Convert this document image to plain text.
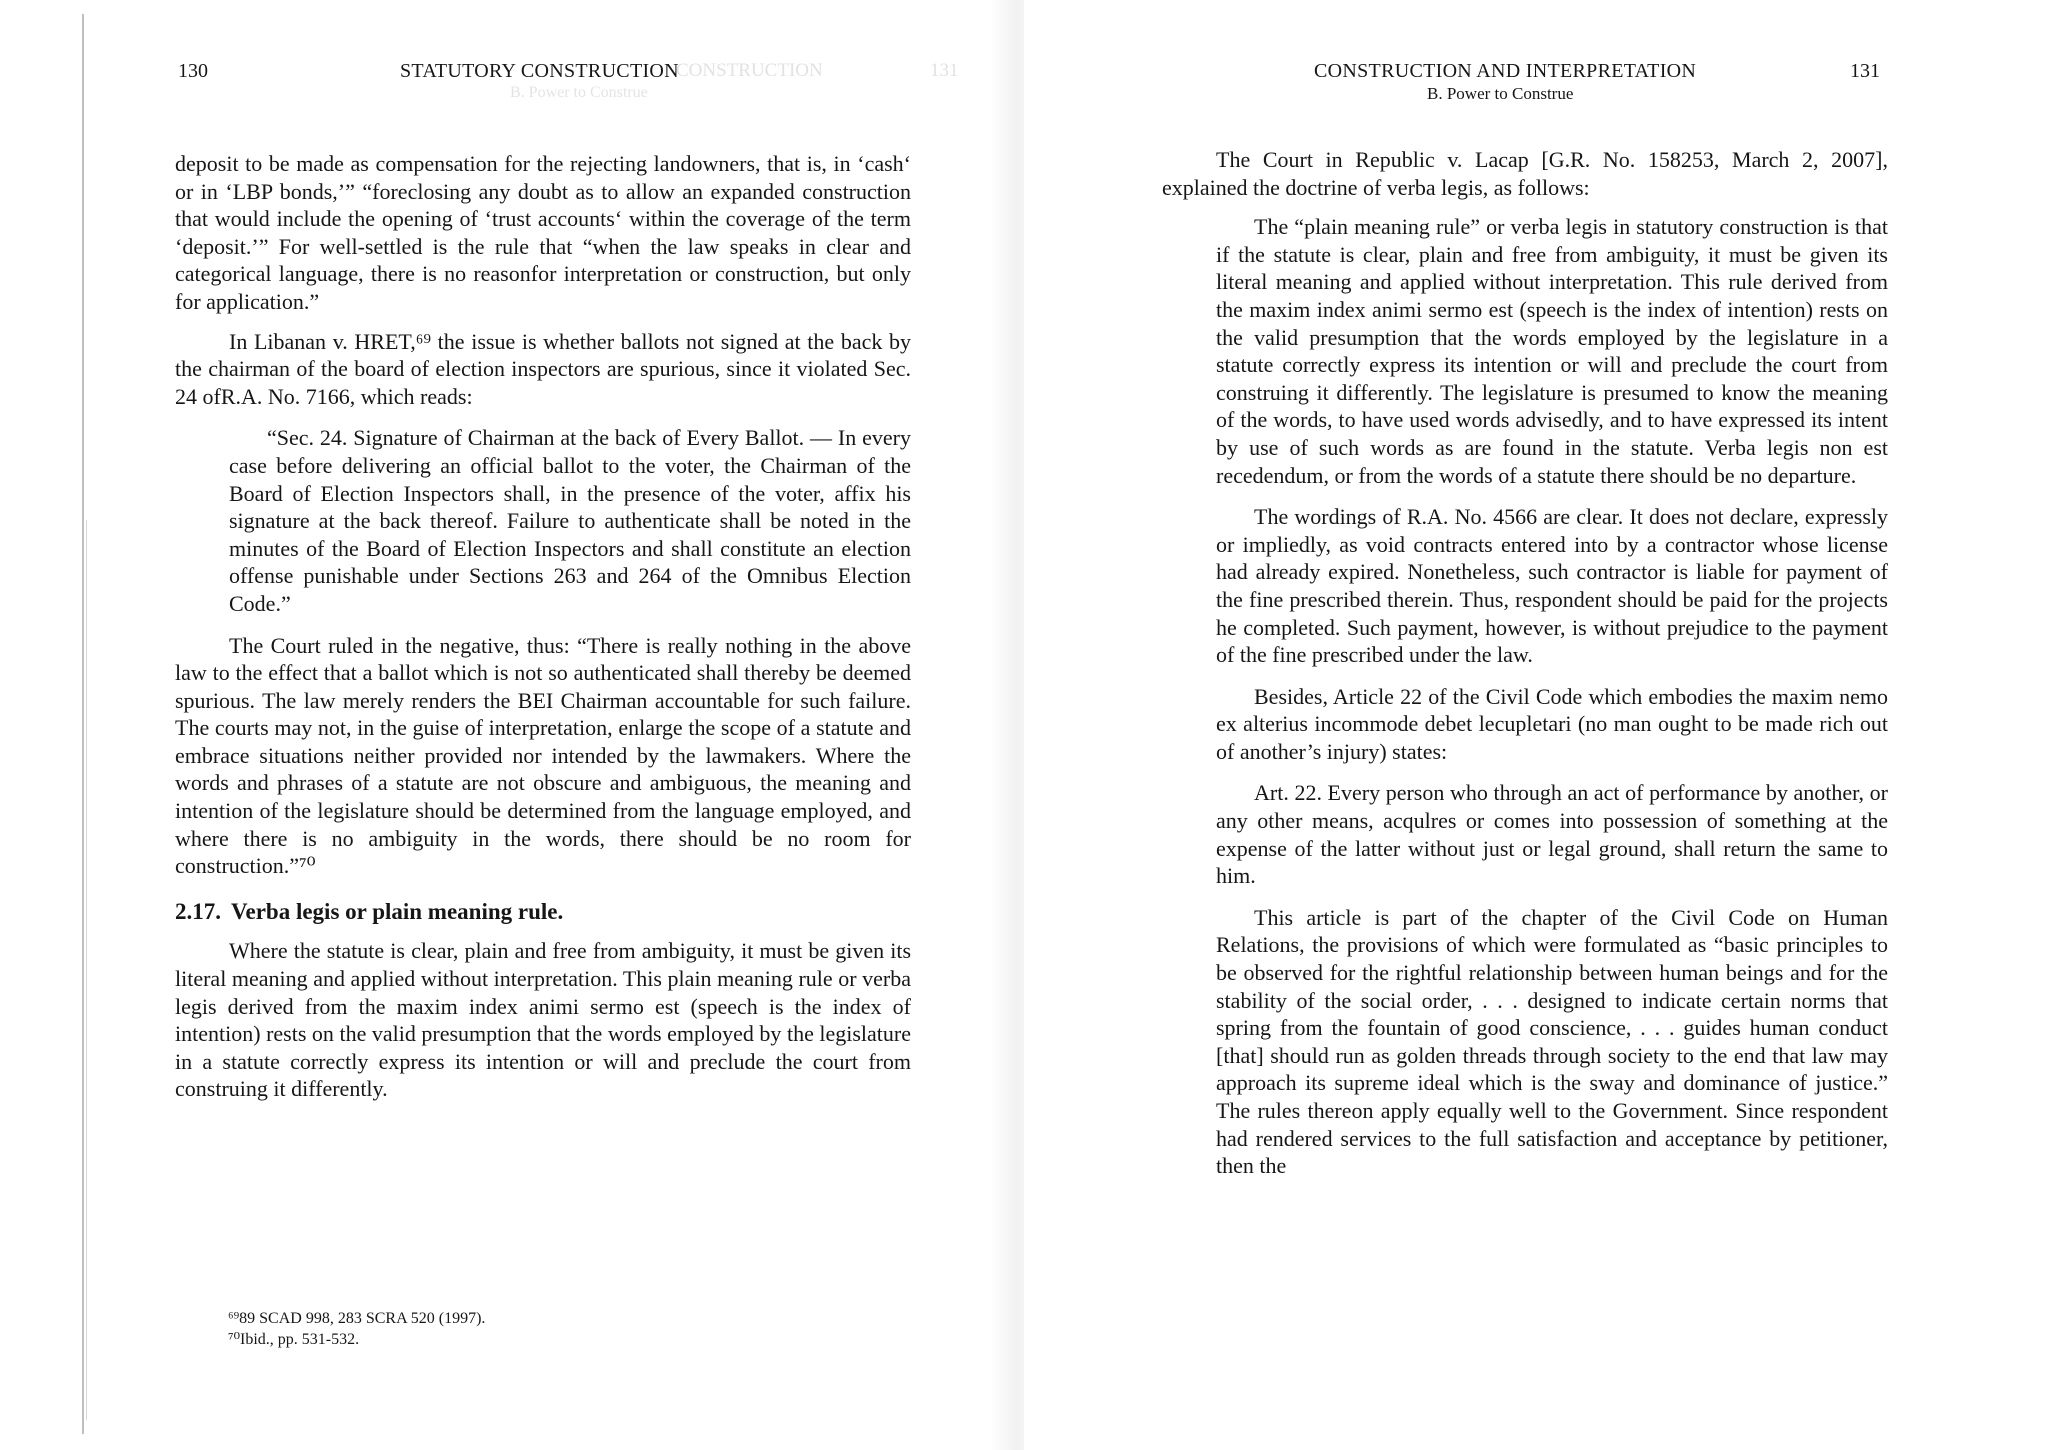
130	STATUTORY CONSTRUCTION
CONSTRUCTION	131
B. Power to Construe

deposit to be made as compensation for the rejecting landowners, that is, in ‘cash‘ or in ‘LBP bonds,’” “foreclosing any doubt as to allow an expanded construction that would include the opening of ‘trust accounts‘ within the coverage of the term ‘deposit.’” For well-settled is the rule that “when the law speaks in clear and categorical language, there is no reasonfor interpretation or construction, but only for application.”

In Libanan v. HRET,⁶⁹ the issue is whether ballots not signed at the back by the chairman of the board of election inspectors are spurious, since it violated Sec. 24 ofR.A. No. 7166, which reads:

“Sec. 24. Signature of Chairman at the back of Every Ballot. — In every case before delivering an official ballot to the voter, the Chairman of the Board of Election Inspectors shall, in the presence of the voter, affix his signature at the back thereof. Failure to authenticate shall be noted in the minutes of the Board of Election Inspectors and shall constitute an election offense punishable under Sections 263 and 264 of the Omnibus Election Code.”

The Court ruled in the negative, thus: “There is really nothing in the above law to the effect that a ballot which is not so authenticated shall thereby be deemed spurious. The law merely renders the BEI Chairman accountable for such failure. The courts may not, in the guise of interpretation, enlarge the scope of a statute and embrace situations neither provided nor intended by the lawmakers. Where the words and phrases of a statute are not obscure and ambiguous, the meaning and intention of the legislature should be determined from the language employed, and where there is no ambiguity in the words, there should be no room for construction.”⁷⁰

2.17. Verba legis or plain meaning rule.

Where the statute is clear, plain and free from ambiguity, it must be given its literal meaning and applied without interpretation. This plain meaning rule or verba legis derived from the maxim index animi sermo est (speech is the index of intention) rests on the valid presumption that the words employed by the legislature in a statute correctly express its intention or will and preclude the court from construing it differently.

⁶⁹89 SCAD 998, 283 SCRA 520 (1997).
⁷⁰Ibid., pp. 531-532.
CONSTRUCTION AND INTERPRETATION
B. Power to Construe
131

The Court in Republic v. Lacap [G.R. No. 158253, March 2, 2007], explained the doctrine of verba legis, as follows:

The “plain meaning rule” or verba legis in statutory construction is that if the statute is clear, plain and free from ambiguity, it must be given its literal meaning and applied without interpretation. This rule derived from the maxim index animi sermo est (speech is the index of intention) rests on the valid presumption that the words employed by the legislature in a statute correctly express its intention or will and preclude the court from construing it differently. The legislature is presumed to know the meaning of the words, to have used words advisedly, and to have expressed its intent by use of such words as are found in the statute. Verba legis non est recedendum, or from the words of a statute there should be no departure.

The wordings of R.A. No. 4566 are clear. It does not declare, expressly or impliedly, as void contracts entered into by a contractor whose license had already expired. Nonetheless, such contractor is liable for payment of the fine prescribed therein. Thus, respondent should be paid for the projects he completed. Such payment, however, is without prejudice to the payment of the fine prescribed under the law.

Besides, Article 22 of the Civil Code which embodies the maxim nemo ex alterius incommode debet lecupletari (no man ought to be made rich out of another’s injury) states:

Art. 22. Every person who through an act of performance by another, or any other means, acqulres or comes into possession of something at the expense of the latter without just or legal ground, shall return the same to him.

This article is part of the chapter of the Civil Code on Human Relations, the provisions of which were formulated as “basic principles to be observed for the rightful relationship between human beings and for the stability of the social order, . . . designed to indicate certain norms that spring from the fountain of good conscience, . . . guides human conduct [that] should run as golden threads through society to the end that law may approach its supreme ideal which is the sway and dominance of justice.” The rules thereon apply equally well to the Government. Since respondent had rendered services to the full satisfaction and acceptance by petitioner, then the
